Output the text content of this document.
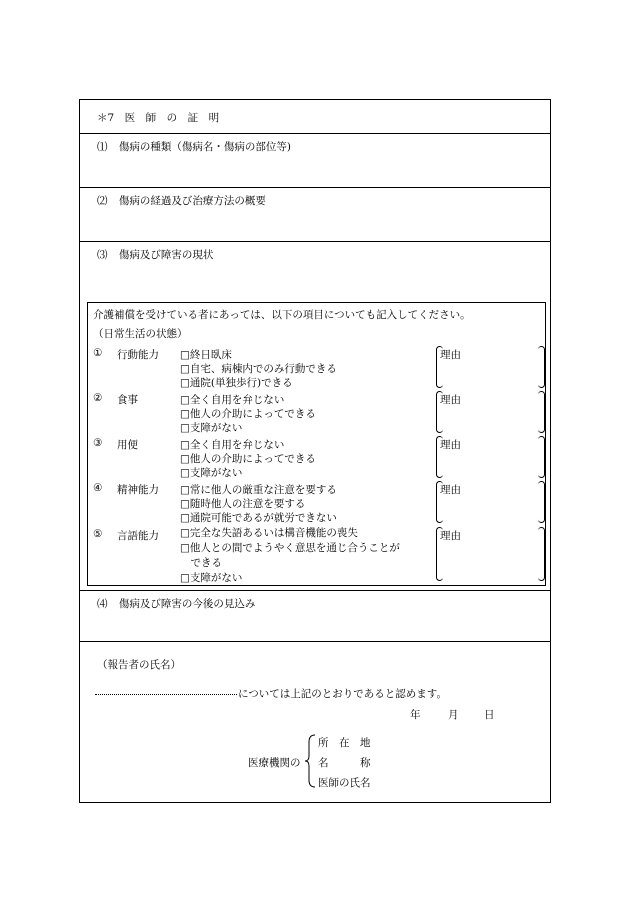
＊7　医　師　の　証　明
⑴ 傷病の種類（傷病名・傷病の部位等)
⑵ 傷病の経過及び治療方法の概要
⑶ 傷病及び障害の現状
介護補償を受けている者にあっては、以下の項目についても記入してください。
（日常生活の状態）
① 行動能力 □終日臥床
□自宅、病棟内でのみ行動できる
□通院(単独歩行)できる
理由
② 食事	□全く自用を弁じない
□他人の介助によってできる
□支障がない
理由
③ 用便	□全く自用を弁じない
□他人の介助によってできる
□支障がない
理由
④ 精神能力 □常に他人の厳重な注意を要する
□随時他人の注意を要する
□通院可能であるが就労できない
理由
⑤ 言語能力 □完全な失語あるいは構音機能の喪失
□他人との間でようやく意思を通じ合うことが
　できる
□支障がない
理由
⑷ 傷病及び障害の今後の見込み
（報告者の氏名）
については上記のとおりであると認めます。
年	月 日
医療機関の
所　在　地
名　　　称
医師の氏名
